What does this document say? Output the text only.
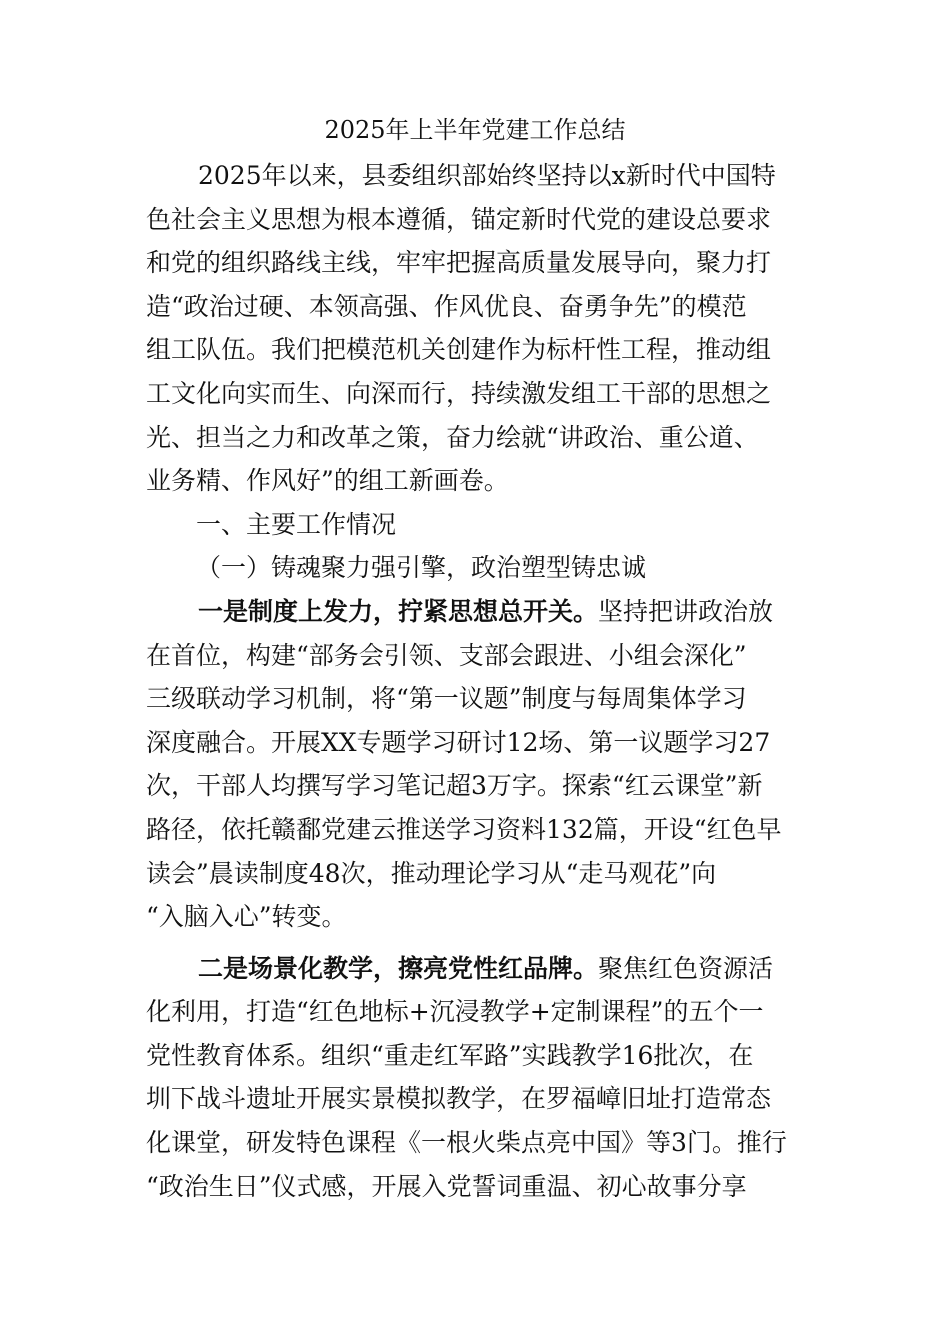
2025年上半年党建工作总结
2025年以来，县委组织部始终坚持以x新时代中国特
色社会主义思想为根本遵循，锚定新时代党的建设总要求
和党的组织路线主线，牢牢把握高质量发展导向，聚力打
造“政治过硬、本领高强、作风优良、奋勇争先”的模范
组工队伍。我们把模范机关创建作为标杆性工程，推动组
工文化向实而生、向深而行，持续激发组工干部的思想之
光、担当之力和改革之策，奋力绘就“讲政治、重公道、
业务精、作风好”的组工新画卷。
一、主要工作情况
（一）铸魂聚力强引擎，政治塑型铸忠诚
一是制度上发力，拧紧思想总开关。坚持把讲政治放
在首位，构建“部务会引领、支部会跟进、小组会深化”
三级联动学习机制，将“第一议题”制度与每周集体学习
深度融合。开展XX专题学习研讨12场、第一议题学习27
次，干部人均撰写学习笔记超3万字。探索“红云课堂”新
路径，依托赣鄱党建云推送学习资料132篇，开设“红色早
读会”晨读制度48次，推动理论学习从“走马观花”向
“入脑入心”转变。
二是场景化教学，擦亮党性红品牌。聚焦红色资源活
化利用，打造“红色地标+沉浸教学+定制课程”的五个一
党性教育体系。组织“重走红军路”实践教学16批次，在
圳下战斗遗址开展实景模拟教学，在罗福嶂旧址打造常态
化课堂，研发特色课程《一根火柴点亮中国》等3门。推行
“政治生日”仪式感，开展入党誓词重温、初心故事分享
